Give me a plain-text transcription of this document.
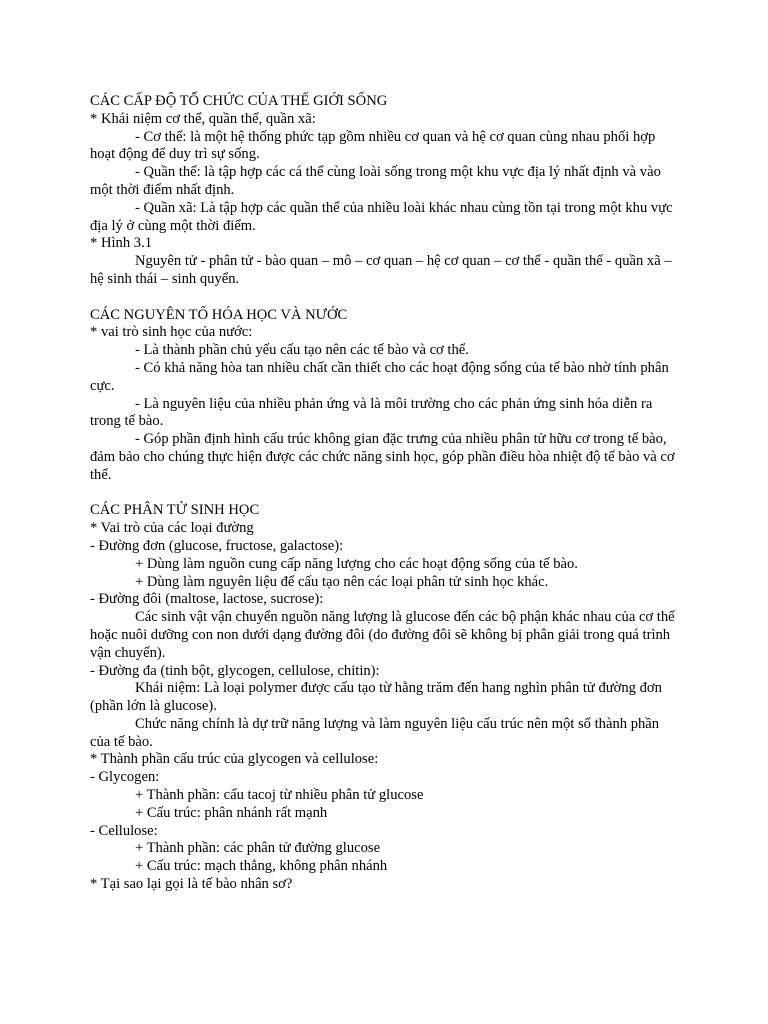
CÁC CẤP ĐỘ TỔ CHỨC CỦA THẾ GIỚI SỐNG

* Khái niệm cơ thể, quần thể, quần xã:

- Cơ thể: là một hệ thống phức tạp gồm nhiều cơ quan và hệ cơ quan cùng nhau phối hợp hoạt động để duy trì sự sống.

- Quần thể: là tập hợp các cá thể cùng loài sống trong một khu vực địa lý nhất định và vào một thời điểm nhất định.

- Quần xã: Là tập hợp các quần thể của nhiều loài khác nhau cùng tồn tại trong một khu vực địa lý ở cùng một thời điểm.

* Hình 3.1

Nguyên tử - phân tử - bào quan – mô – cơ quan – hệ cơ quan – cơ thể - quần thể - quần xã – hệ sinh thái – sinh quyển.

CÁC NGUYÊN TỐ HÓA HỌC VÀ NƯỚC

* vai trò sinh học của nước:

- Là thành phần chủ yếu cấu tạo nên các tế bào và cơ thể.

- Có khả năng hòa tan nhiều chất cần thiết cho các hoạt động sống của tế bào nhờ tính phân cực.

- Là nguyên liệu của nhiều phản ứng và là môi trường cho các phản ứng sinh hóa diễn ra trong tế bào.

- Góp phần định hình cấu trúc không gian đặc trưng của nhiều phân tử hữu cơ trong tế bào, đảm bảo cho chúng thực hiện được các chức năng sinh học, góp phần điều hòa nhiệt độ tế bào và cơ thể.

CÁC PHÂN TỬ SINH HỌC

* Vai trò của các loại đường

- Đường đơn (glucose, fructose, galactose):

+ Dùng làm nguồn cung cấp năng lượng cho các hoạt động sống của tế bào.

+ Dùng làm nguyên liệu để cấu tạo nên các loại phân tử sinh học khác.

- Đường đôi (maltose, lactose, sucrose):

Các sinh vật vận chuyển nguồn năng lượng là glucose đến các bộ phận khác nhau của cơ thể hoặc nuôi dưỡng con non dưới dạng đường đôi (do đường đôi sẽ không bị phân giải trong quá trình vận chuyển).

- Đường đa (tinh bột, glycogen, cellulose, chitin):

Khái niệm: Là loại polymer được cấu tạo từ hằng trăm đến hang nghìn phân tử đường đơn (phần lớn là glucose).

Chức năng chính là dự trữ năng lượng và làm nguyên liệu cấu trúc nên một số thành phần của tế bào.

* Thành phần cấu trúc của glycogen và cellulose:

- Glycogen:

+ Thành phần: cấu tacoj từ nhiều phân tử glucose

+ Cấu trúc: phân nhánh rất mạnh

- Cellulose:

+ Thành phần: các phân tử đường glucose

+ Cấu trúc: mạch thẳng, không phân nhánh

* Tại sao lại gọi là tế bào nhân sơ?
